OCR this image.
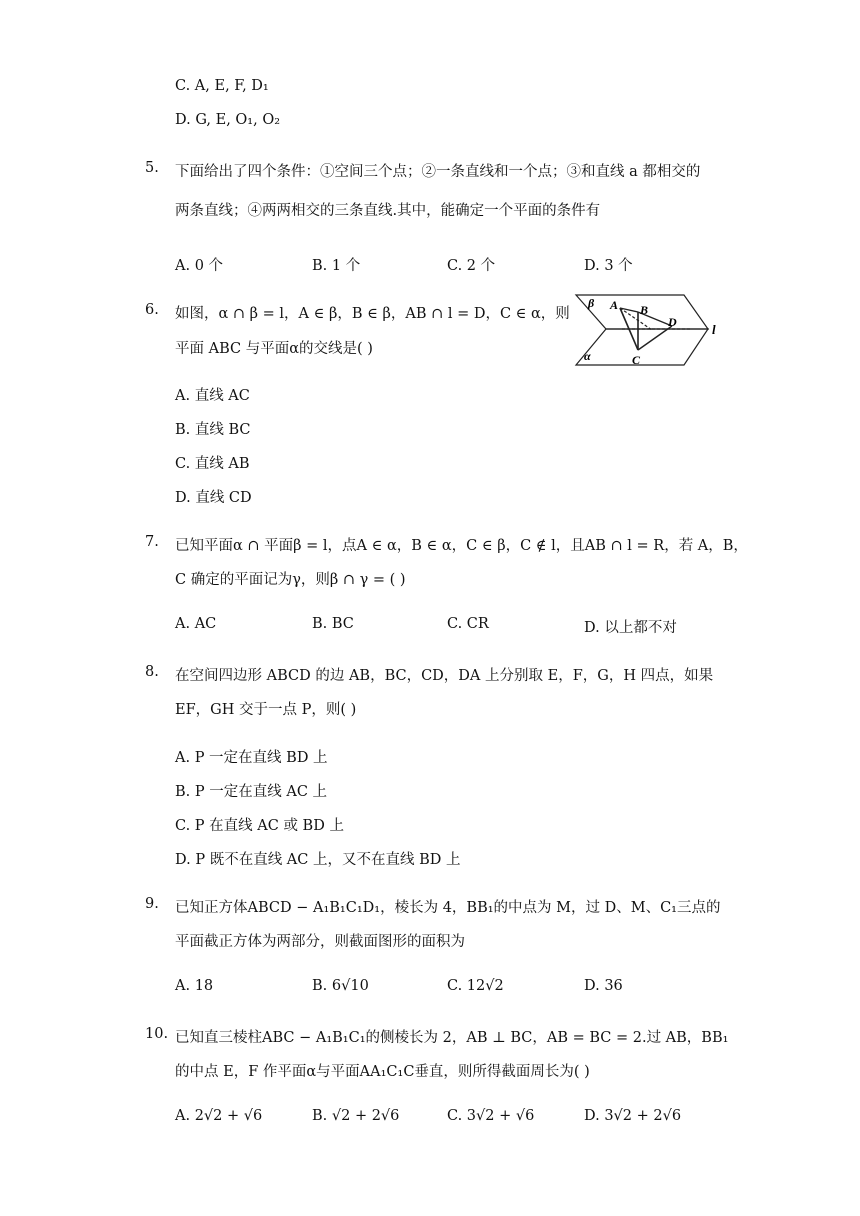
C. A, E, F, D₁
D. G, E, O₁, O₂
5. 下面给出了四个条件：①空间三个点；②一条直线和一个点；③和直线 a 都相交的
两条直线；④两两相交的三条直线.其中，能确定一个平面的条件有
A. 0 个	B. 1 个	C. 2 个	D. 3 个
6. 如图，α ∩ β = l，A ∈ β，B ∈ β，AB ∩ l = D，C ∈ α，则
平面 ABC 与平面α的交线是( )
β
α
A B
C
D	l
A. 直线 AC
B. 直线 BC
C. 直线 AB
D. 直线 CD
7. 已知平面α ∩ 平面β = l，点A ∈ α，B ∈ α，C ∈ β，C ∉ l，且AB ∩ l = R，若 A，B，
C 确定的平面记为γ，则β ∩ γ = ( )
A. AC	B. BC	C. CR	D. 以上都不对
8. 在空间四边形 ABCD 的边 AB，BC，CD，DA 上分别取 E，F，G，H 四点，如果
EF，GH 交于一点 P，则( )
A. P 一定在直线 BD 上
B. P 一定在直线 AC 上
C. P 在直线 AC 或 BD 上
D. P 既不在直线 AC 上，又不在直线 BD 上
9. 已知正方体ABCD − A₁B₁C₁D₁，棱长为 4，BB₁的中点为 M，过 D、M、C₁三点的
平面截正方体为两部分，则截面图形的面积为
A. 18	B. 6√10	C. 12√2	D. 36
10. 已知直三棱柱ABC − A₁B₁C₁的侧棱长为 2，AB ⊥ BC，AB = BC = 2.过 AB，BB₁
的中点 E，F 作平面α与平面AA₁C₁C垂直，则所得截面周长为( )
A. 2√2 + √6	B. √2 + 2√6	C. 3√2 + √6	D. 3√2 + 2√6
